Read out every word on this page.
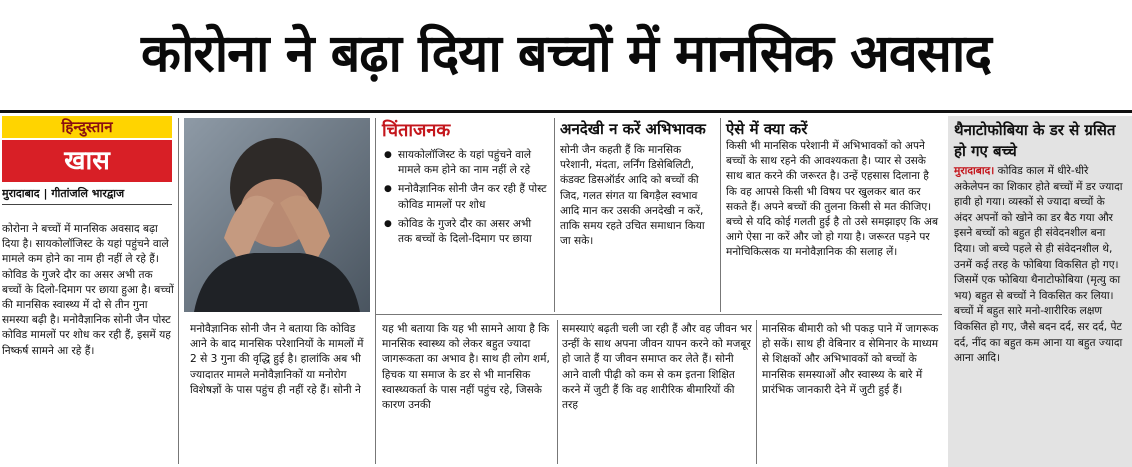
कोरोना ने बढ़ा दिया बच्चों में मानसिक अवसाद
हिन्दुस्तान
खास
मुरादाबाद | गीतांजलि भारद्वाज
कोरोना ने बच्चों में मानसिक अवसाद बढ़ा दिया है। सायकोलॉजिस्ट के यहां पहुंचने वाले मामले कम होने का नाम ही नहीं ले रहे हैं। कोविड के गुजरे दौर का असर अभी तक बच्चों के दिलो-दिमाग पर छाया हुआ है। बच्चों की मानसिक स्वास्थ्य में दो से तीन गुना समस्या बढ़ी है। मनोवैज्ञानिक सोनी जैन पोस्ट कोविड मामलों पर शोध कर रही हैं, इसमें यह निष्कर्ष सामने आ रहे हैं।
चिंताजनक
● सायकोलॉजिस्ट के यहां पहुंचने वाले मामले कम होने का नाम नहीं ले रहे
● मनोवैज्ञानिक सोनी जैन कर रही हैं पोस्ट कोविड मामलों पर शोध
● कोविड के गुजरे दौर का असर अभी तक बच्चों के दिलो-दिमाग पर छाया
अनदेखी न करें अभिभावक
सोनी जैन कहती हैं कि मानसिक परेशानी, मंदता, लर्निंग डिसेबिलिटी, कंडक्ट डिसऑर्डर आदि को बच्चों की जिद, गलत संगत या बिगड़ैल स्वभाव आदि मान कर उसकी अनदेखी न करें, ताकि समय रहते उचित समाधान किया जा सके।
ऐसे में क्या करें
किसी भी मानसिक परेशानी में अभिभावकों को अपने बच्चों के साथ रहने की आवश्यकता है। प्यार से उसके साथ बात करने की जरूरत है। उन्हें एहसास दिलाना है कि वह आपसे किसी भी विषय पर खुलकर बात कर सकते हैं। अपने बच्चों की तुलना किसी से मत कीजिए। बच्चे से यदि कोई गलती हुई है तो उसे समझाइए कि अब आगे ऐसा ना करें और जो हो गया है। जरूरत पड़ने पर मनोचिकित्सक या मनोवैज्ञानिक की सलाह लें।
मनोवैज्ञानिक सोनी जैन ने बताया कि कोविड आने के बाद मानसिक परेशानियों के मामलों में 2 से 3 गुना की वृद्धि हुई है। हालांकि अब भी ज्यादातर मामले मनोवैज्ञानिकों या मनोरोग विशेषज्ञों के पास पहुंच ही नहीं रहे हैं। सोनी ने
यह भी बताया कि यह भी सामने आया है कि मानसिक स्वास्थ्य को लेकर बहुत ज्यादा जागरूकता का अभाव है। साथ ही लोग शर्म, हिचक या समाज के डर से भी मानसिक स्वास्थ्यकर्ता के पास नहीं पहुंच रहे, जिसके कारण उनकी
समस्याएं बढ़ती चली जा रही हैं और वह जीवन भर उन्हीं के साथ अपना जीवन यापन करने को मजबूर हो जाते हैं या जीवन समाप्त कर लेते हैं। सोनी आने वाली पीढ़ी को कम से कम इतना शिक्षित करने में जुटी हैं कि वह शारीरिक बीमारियों की तरह
मानसिक बीमारी को भी पकड़ पाने में जागरूक हो सकें। साथ ही वेबिनार व सेमिनार के माध्यम से शिक्षकों और अभिभावकों को बच्चों के मानसिक समस्याओं और स्वास्थ्य के बारे में प्रारंभिक जानकारी देने में जुटी हुई हैं।
थैनाटोफोबिया के डर से ग्रसित हो गए बच्चे
मुरादाबाद। कोविड काल में धीरे-धीरे अकेलेपन का शिकार होते बच्चों में डर ज्यादा हावी हो गया। व्यस्कों से ज्यादा बच्चों के अंदर अपनों को खोने का डर बैठ गया और इसने बच्चों को बहुत ही संवेदनशील बना दिया। जो बच्चे पहले से ही संवेदनशील थे, उनमें कई तरह के फोबिया विकसित हो गए। जिसमें एक फोबिया थैनाटोफोबिया (मृत्यु का भय) बहुत से बच्चों ने विकसित कर लिया। बच्चों में बहुत सारे मनो-शारीरिक लक्षण विकसित हो गए, जैसे बदन दर्द, सर दर्द, पेट दर्द, नींद का बहुत कम आना या बहुत ज्यादा आना आदि।
